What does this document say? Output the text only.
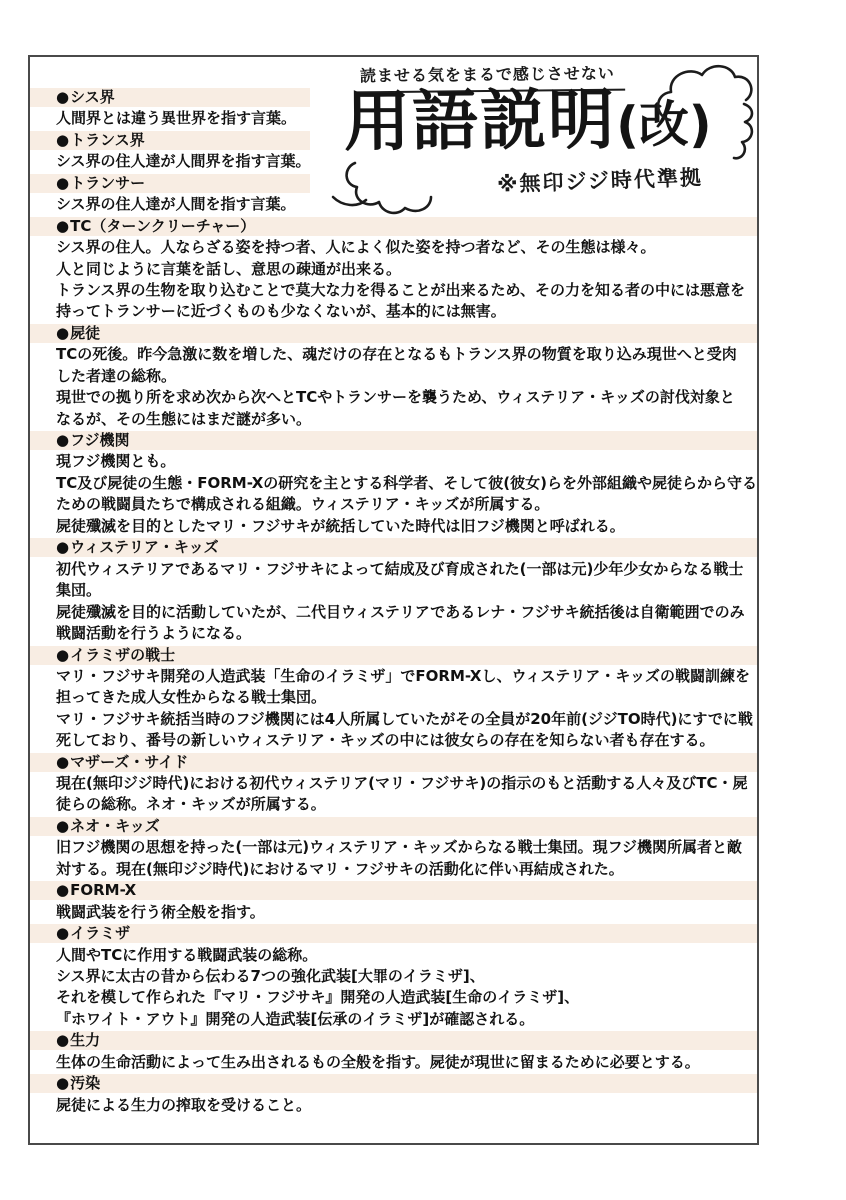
●シス界
人間界とは違う異世界を指す言葉。
●トランス界
シス界の住人達が人間界を指す言葉。
●トランサー
シス界の住人達が人間を指す言葉。
●TC（ターンクリーチャー）
シス界の住人。人ならざる姿を持つ者、人によく似た姿を持つ者など、その生態は様々。
人と同じように言葉を話し、意思の疎通が出来る。
トランス界の生物を取り込むことで莫大な力を得ることが出来るため、その力を知る者の中には悪意を
持ってトランサーに近づくものも少なくないが、基本的には無害。
●屍徒
TCの死後。昨今急激に数を増した、魂だけの存在となるもトランス界の物質を取り込み現世へと受肉
した者達の総称。
現世での拠り所を求め次から次へとTCやトランサーを襲うため、ウィステリア・キッズの討伐対象と
なるが、その生態にはまだ謎が多い。
●フジ機関
現フジ機関とも。
TC及び屍徒の生態・FORM-Xの研究を主とする科学者、そして彼(彼女)らを外部組織や屍徒らから守る
ための戦闘員たちで構成される組織。ウィステリア・キッズが所属する。
屍徒殲滅を目的としたマリ・フジサキが統括していた時代は旧フジ機関と呼ばれる。
●ウィステリア・キッズ
初代ウィステリアであるマリ・フジサキによって結成及び育成された(一部は元)少年少女からなる戦士
集団。
屍徒殲滅を目的に活動していたが、二代目ウィステリアであるレナ・フジサキ統括後は自衛範囲でのみ
戦闘活動を行うようになる。
●イラミザの戦士
マリ・フジサキ開発の人造武装「生命のイラミザ」でFORM-Xし、ウィステリア・キッズの戦闘訓練を
担ってきた成人女性からなる戦士集団。
マリ・フジサキ統括当時のフジ機関には4人所属していたがその全員が20年前(ジジTO時代)にすでに戦
死しており、番号の新しいウィステリア・キッズの中には彼女らの存在を知らない者も存在する。
●マザーズ・サイド
現在(無印ジジ時代)における初代ウィステリア(マリ・フジサキ)の指示のもと活動する人々及びTC・屍
徒らの総称。ネオ・キッズが所属する。
●ネオ・キッズ
旧フジ機関の思想を持った(一部は元)ウィステリア・キッズからなる戦士集団。現フジ機関所属者と敵
対する。現在(無印ジジ時代)におけるマリ・フジサキの活動化に伴い再結成された。
●FORM-X
戦闘武装を行う術全般を指す。
●イラミザ
人間やTCに作用する戦闘武装の総称。
シス界に太古の昔から伝わる7つの強化武装[大罪のイラミザ]、
それを模して作られた『マリ・フジサキ』開発の人造武装[生命のイラミザ]、
『ホワイト・アウト』開発の人造武装[伝承のイラミザ]が確認される。
●生力
生体の生命活動によって生み出されるもの全般を指す。屍徒が現世に留まるために必要とする。
●汚染
屍徒による生力の搾取を受けること。
読ませる気をまるで感じさせない
用語説明(改)
※無印ジジ時代準拠
